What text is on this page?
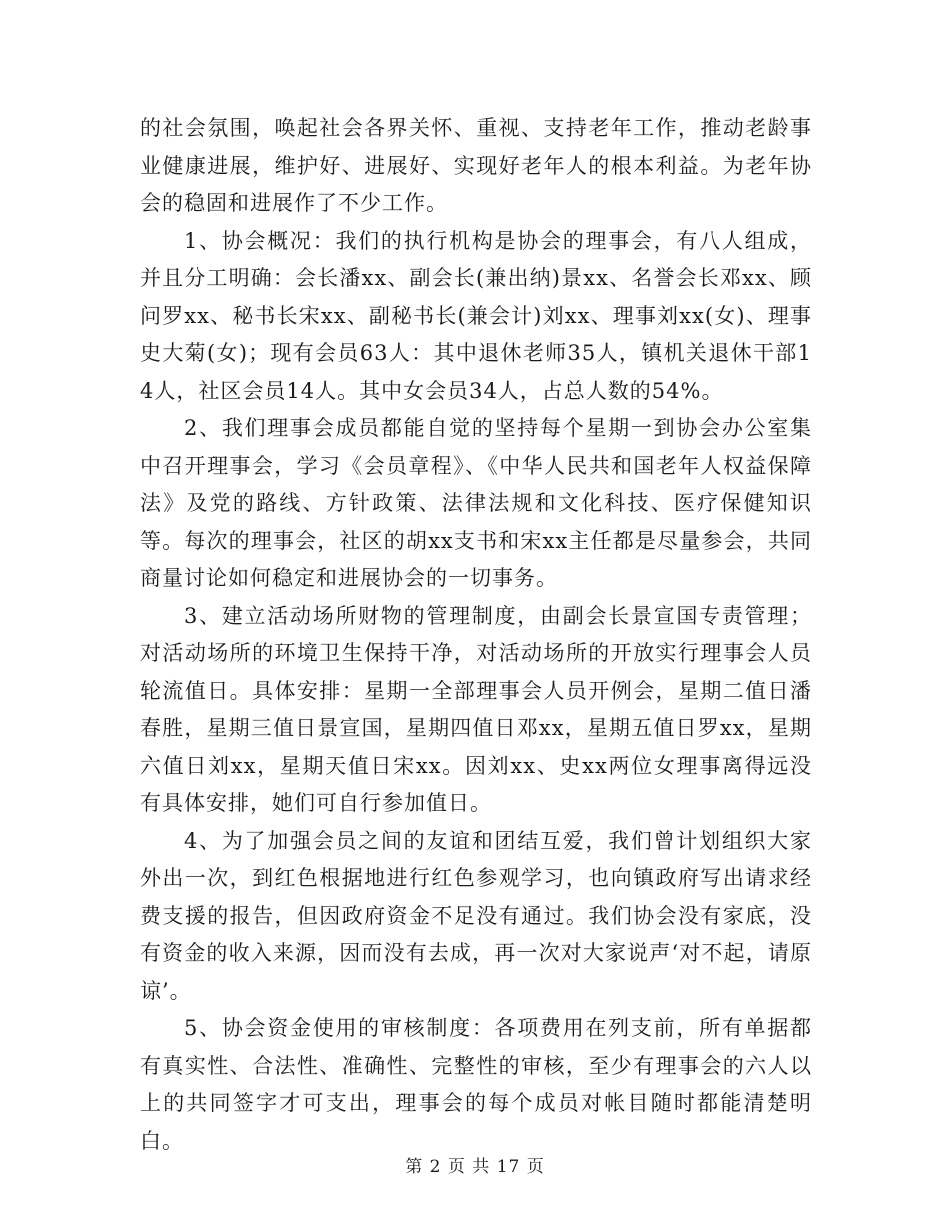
的社会氛围，唤起社会各界关怀、重视、支持老年工作，推动老龄事业健康进展，维护好、进展好、实现好老年人的根本利益。为老年协会的稳固和进展作了不少工作。

1、协会概况：我们的执行机构是协会的理事会，有八人组成，并且分工明确：会长潘xx、副会长(兼出纳)景xx、名誉会长邓xx、顾问罗xx、秘书长宋xx、副秘书长(兼会计)刘xx、理事刘xx(女)、理事史大菊(女)；现有会员63人：其中退休老师35人，镇机关退休干部14人，社区会员14人。其中女会员34人，占总人数的54%。

2、我们理事会成员都能自觉的坚持每个星期一到协会办公室集中召开理事会，学习《会员章程》、《中华人民共和国老年人权益保障法》及党的路线、方针政策、法律法规和文化科技、医疗保健知识等。每次的理事会，社区的胡xx支书和宋xx主任都是尽量参会，共同商量讨论如何稳定和进展协会的一切事务。

3、建立活动场所财物的管理制度，由副会长景宣国专责管理；对活动场所的环境卫生保持干净，对活动场所的开放实行理事会人员轮流值日。具体安排：星期一全部理事会人员开例会，星期二值日潘春胜，星期三值日景宣国，星期四值日邓xx，星期五值日罗xx，星期六值日刘xx，星期天值日宋xx。因刘xx、史xx两位女理事离得远没有具体安排，她们可自行参加值日。

4、为了加强会员之间的友谊和团结互爱，我们曾计划组织大家外出一次，到红色根据地进行红色参观学习，也向镇政府写出请求经费支援的报告，但因政府资金不足没有通过。我们协会没有家底，没有资金的收入来源，因而没有去成，再一次对大家说声‘对不起，请原谅’。

5、协会资金使用的审核制度：各项费用在列支前，所有单据都有真实性、合法性、准确性、完整性的审核，至少有理事会的六人以上的共同签字才可支出，理事会的每个成员对帐目随时都能清楚明白。

第 2 页 共 17 页
